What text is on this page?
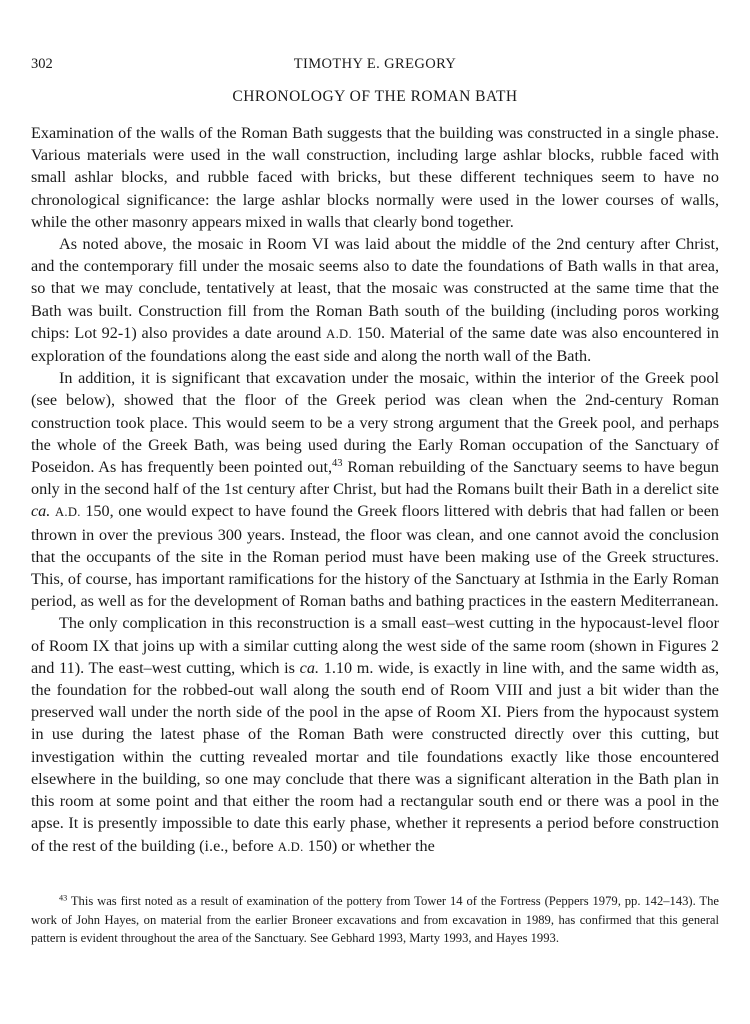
302	TIMOTHY E. GREGORY
CHRONOLOGY OF THE ROMAN BATH

Examination of the walls of the Roman Bath suggests that the building was constructed in a single phase. Various materials were used in the wall construction, including large ashlar blocks, rubble faced with small ashlar blocks, and rubble faced with bricks, but these different techniques seem to have no chronological significance: the large ashlar blocks normally were used in the lower courses of walls, while the other masonry appears mixed in walls that clearly bond together.

As noted above, the mosaic in Room VI was laid about the middle of the 2nd century after Christ, and the contemporary fill under the mosaic seems also to date the foundations of Bath walls in that area, so that we may conclude, tentatively at least, that the mosaic was constructed at the same time that the Bath was built. Construction fill from the Roman Bath south of the building (including poros working chips: Lot 92-1) also provides a date around A.D. 150. Material of the same date was also encountered in exploration of the foundations along the east side and along the north wall of the Bath.

In addition, it is significant that excavation under the mosaic, within the interior of the Greek pool (see below), showed that the floor of the Greek period was clean when the 2nd-century Roman construction took place. This would seem to be a very strong argument that the Greek pool, and perhaps the whole of the Greek Bath, was being used during the Early Roman occupation of the Sanctuary of Poseidon. As has frequently been pointed out,$^{43}$ Roman rebuilding of the Sanctuary seems to have begun only in the second half of the 1st century after Christ, but had the Romans built their Bath in a derelict site ca. A.D. 150, one would expect to have found the Greek floors littered with debris that had fallen or been thrown in over the previous 300 years. Instead, the floor was clean, and one cannot avoid the conclusion that the occupants of the site in the Roman period must have been making use of the Greek structures. This, of course, has important ramifications for the history of the Sanctuary at Isthmia in the Early Roman period, as well as for the development of Roman baths and bathing practices in the eastern Mediterranean.

The only complication in this reconstruction is a small east–west cutting in the hypocaust-level floor of Room IX that joins up with a similar cutting along the west side of the same room (shown in Figures 2 and 11). The east–west cutting, which is ca. 1.10 m. wide, is exactly in line with, and the same width as, the foundation for the robbed-out wall along the south end of Room VIII and just a bit wider than the preserved wall under the north side of the pool in the apse of Room XI. Piers from the hypocaust system in use during the latest phase of the Roman Bath were constructed directly over this cutting, but investigation within the cutting revealed mortar and tile foundations exactly like those encountered elsewhere in the building, so one may conclude that there was a significant alteration in the Bath plan in this room at some point and that either the room had a rectangular south end or there was a pool in the apse. It is presently impossible to date this early phase, whether it represents a period before construction of the rest of the building (i.e., before A.D. 150) or whether the

$^{43}$ This was first noted as a result of examination of the pottery from Tower 14 of the Fortress (Peppers 1979, pp. 142–143). The work of John Hayes, on material from the earlier Broneer excavations and from excavation in 1989, has confirmed that this general pattern is evident throughout the area of the Sanctuary. See Gebhard 1993, Marty 1993, and Hayes 1993.
